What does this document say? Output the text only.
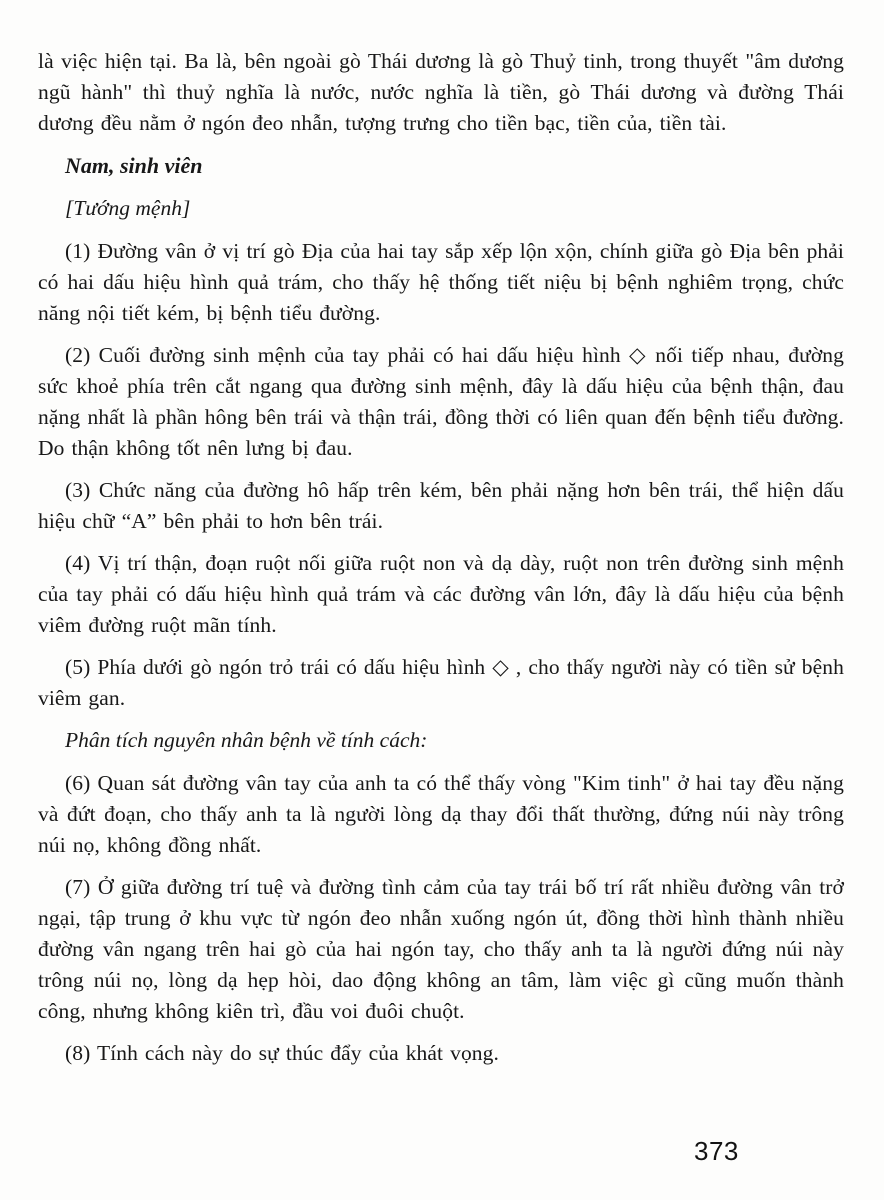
là việc hiện tại. Ba là, bên ngoài gò Thái dương là gò Thuỷ tinh, trong thuyết "âm dương ngũ hành" thì thuỷ nghĩa là nước, nước nghĩa là tiền, gò Thái dương và đường Thái dương đều nằm ở ngón đeo nhẫn, tượng trưng cho tiền bạc, tiền của, tiền tài.

Nam, sinh viên

[Tướng mệnh]

(1) Đường vân ở vị trí gò Địa của hai tay sắp xếp lộn xộn, chính giữa gò Địa bên phải có hai dấu hiệu hình quả trám, cho thấy hệ thống tiết niệu bị bệnh nghiêm trọng, chức năng nội tiết kém, bị bệnh tiểu đường.

(2) Cuối đường sinh mệnh của tay phải có hai dấu hiệu hình ◇ nối tiếp nhau, đường sức khoẻ phía trên cắt ngang qua đường sinh mệnh, đây là dấu hiệu của bệnh thận, đau nặng nhất là phần hông bên trái và thận trái, đồng thời có liên quan đến bệnh tiểu đường. Do thận không tốt nên lưng bị đau.

(3) Chức năng của đường hô hấp trên kém, bên phải nặng hơn bên trái, thể hiện dấu hiệu chữ “A” bên phải to hơn bên trái.

(4) Vị trí thận, đoạn ruột nối giữa ruột non và dạ dày, ruột non trên đường sinh mệnh của tay phải có dấu hiệu hình quả trám và các đường vân lớn, đây là dấu hiệu của bệnh viêm đường ruột mãn tính.

(5) Phía dưới gò ngón trỏ trái có dấu hiệu hình ◇ , cho thấy người này có tiền sử bệnh viêm gan.

Phân tích nguyên nhân bệnh về tính cách:

(6) Quan sát đường vân tay của anh ta có thể thấy vòng "Kim tinh" ở hai tay đều nặng và đứt đoạn, cho thấy anh ta là người lòng dạ thay đổi thất thường, đứng núi này trông núi nọ, không đồng nhất.

(7) Ở giữa đường trí tuệ và đường tình cảm của tay trái bố trí rất nhiều đường vân trở ngại, tập trung ở khu vực từ ngón đeo nhẫn xuống ngón út, đồng thời hình thành nhiều đường vân ngang trên hai gò của hai ngón tay, cho thấy anh ta là người đứng núi này trông núi nọ, lòng dạ hẹp hòi, dao động không an tâm, làm việc gì cũng muốn thành công, nhưng không kiên trì, đầu voi đuôi chuột.

(8) Tính cách này do sự thúc đẩy của khát vọng.

373
